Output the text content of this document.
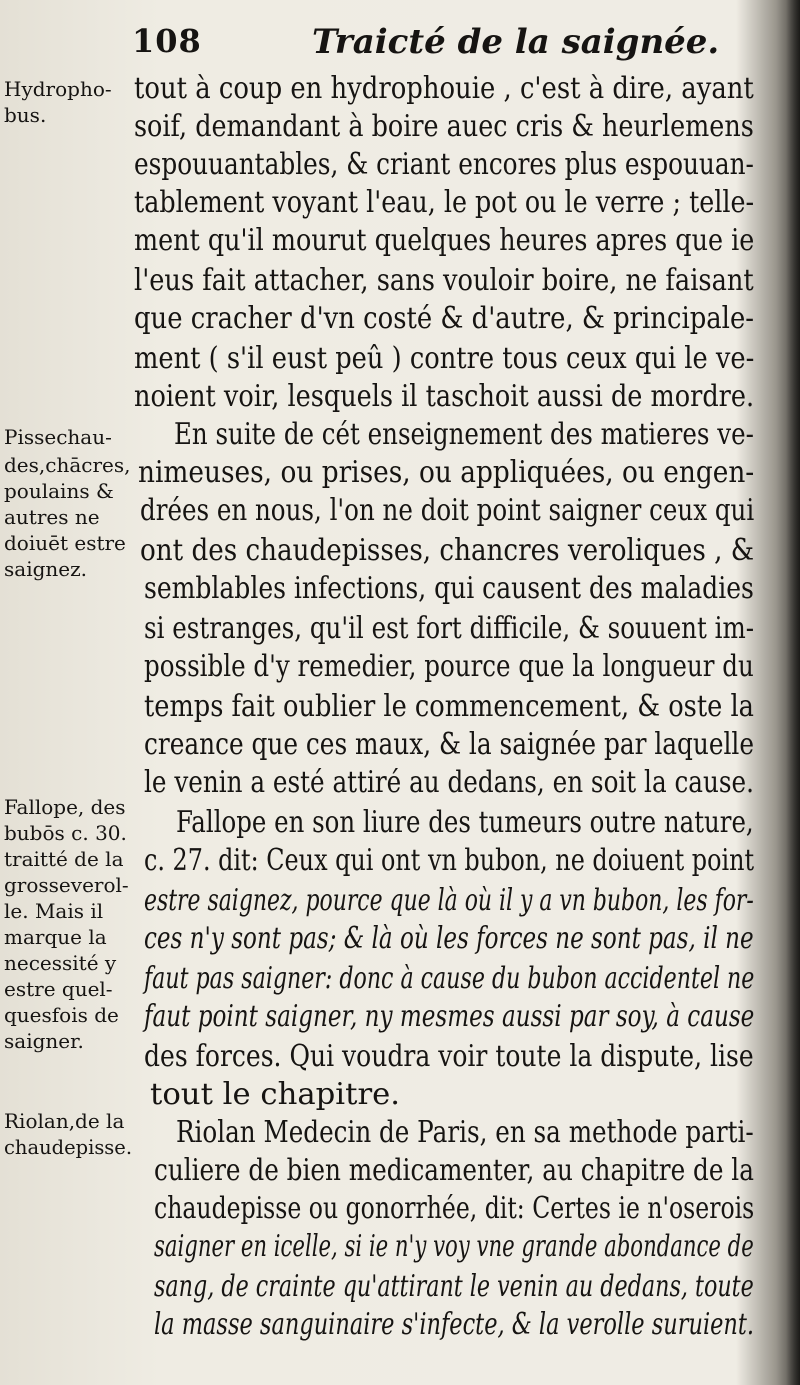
108	Traicté de la saignée.
Hydropho-
bus.
Pissechau-
des,chācres,
poulains &
autres ne
doiuēt estre
saignez.
Fallope, des
bubōs c. 30.
traitté de la
grosseverol-
le. Mais il
marque la
necessité y
estre quel-
quesfois de
saigner.
Riolan,de la
chaudepisse.
tout à coup en hydrophouie , c'est à dire, ayant
soif, demandant à boire auec cris & heurlemens
espouuantables, & criant encores plus espouuan-
tablement voyant l'eau, le pot ou le verre ; telle-
ment qu'il mourut quelques heures apres que ie
l'eus fait attacher, sans vouloir boire, ne faisant
que cracher d'vn costé & d'autre, & principale-
ment ( s'il eust peû ) contre tous ceux qui le ve-
noient voir, lesquels il taschoit aussi de mordre.
En suite de cét enseignement des matieres ve-
nimeuses, ou prises, ou appliquées, ou engen-
drées en nous, l'on ne doit point saigner ceux qui
ont des chaudepisses, chancres veroliques , &
semblables infections, qui causent des maladies
si estranges, qu'il est fort difficile, & souuent im-
possible d'y remedier, pource que la longueur du
temps fait oublier le commencement, & oste la
creance que ces maux, & la saignée par laquelle
le venin a esté attiré au dedans, en soit la cause.
Fallope en son liure des tumeurs outre nature,
c. 27. dit: Ceux qui ont vn bubon, ne doiuent point
estre saignez, pource que là où il y a vn bubon, les for-
ces n'y sont pas; & là où les forces ne sont pas, il ne
faut pas saigner: donc à cause du bubon accidentel ne
faut point saigner, ny mesmes aussi par soy, à cause
des forces. Qui voudra voir toute la dispute, lise
tout le chapitre.
Riolan Medecin de Paris, en sa methode parti-
culiere de bien medicamenter, au chapitre de la
chaudepisse ou gonorrhée, dit: Certes ie n'oserois
saigner en icelle, si ie n'y voy vne grande abondance de
sang, de crainte qu'attirant le venin au dedans, toute
la masse sanguinaire s'infecte, & la verolle suruient.
